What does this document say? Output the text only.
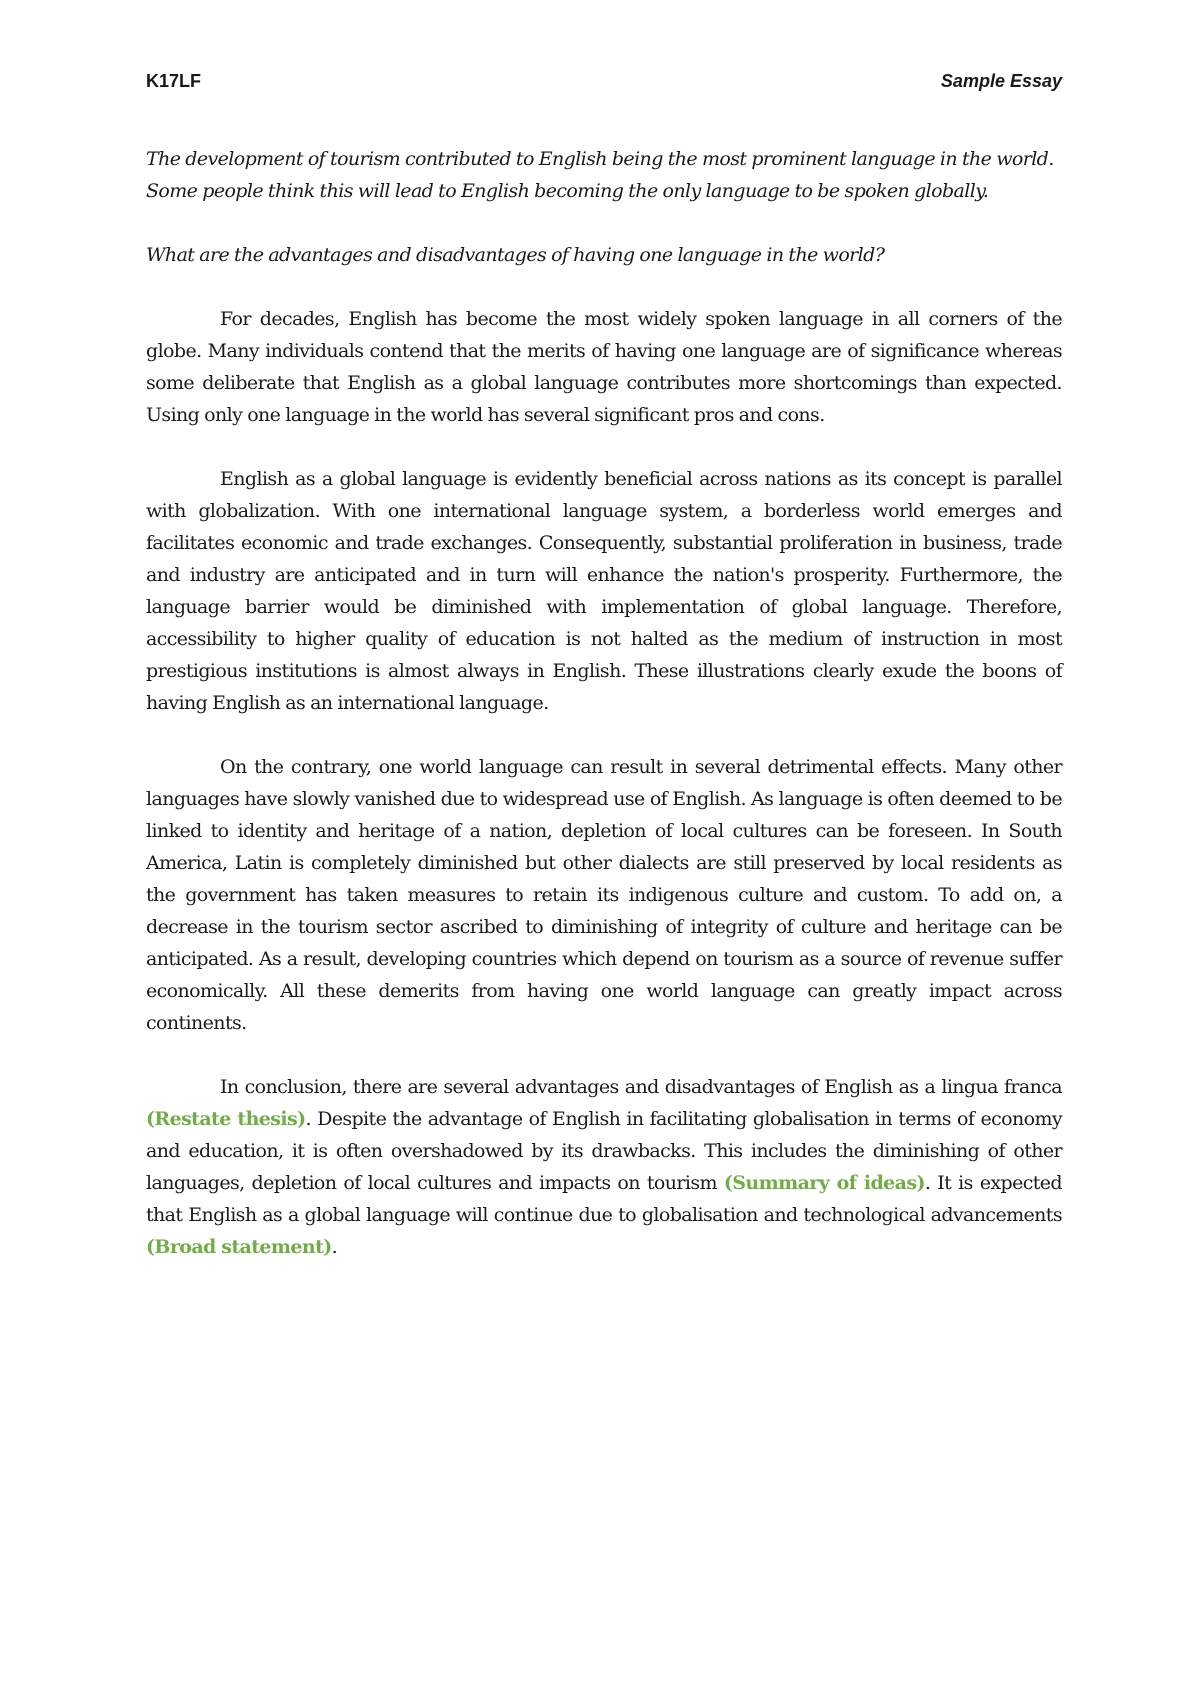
K17LF	Sample Essay

The development of tourism contributed to English being the most prominent language in the world. Some people think this will lead to English becoming the only language to be spoken globally.

What are the advantages and disadvantages of having one language in the world?

For decades, English has become the most widely spoken language in all corners of the globe. Many individuals contend that the merits of having one language are of significance whereas some deliberate that English as a global language contributes more shortcomings than expected. Using only one language in the world has several significant pros and cons.

English as a global language is evidently beneficial across nations as its concept is parallel with globalization. With one international language system, a borderless world emerges and facilitates economic and trade exchanges. Consequently, substantial proliferation in business, trade and industry are anticipated and in turn will enhance the nation's prosperity. Furthermore, the language barrier would be diminished with implementation of global language. Therefore, accessibility to higher quality of education is not halted as the medium of instruction in most prestigious institutions is almost always in English. These illustrations clearly exude the boons of having English as an international language.

On the contrary, one world language can result in several detrimental effects. Many other languages have slowly vanished due to widespread use of English. As language is often deemed to be linked to identity and heritage of a nation, depletion of local cultures can be foreseen. In South America, Latin is completely diminished but other dialects are still preserved by local residents as the government has taken measures to retain its indigenous culture and custom. To add on, a decrease in the tourism sector ascribed to diminishing of integrity of culture and heritage can be anticipated. As a result, developing countries which depend on tourism as a source of revenue suffer economically. All these demerits from having one world language can greatly impact across continents.

In conclusion, there are several advantages and disadvantages of English as a lingua franca (Restate thesis). Despite the advantage of English in facilitating globalisation in terms of economy and education, it is often overshadowed by its drawbacks. This includes the diminishing of other languages, depletion of local cultures and impacts on tourism (Summary of ideas). It is expected that English as a global language will continue due to globalisation and technological advancements (Broad statement).
